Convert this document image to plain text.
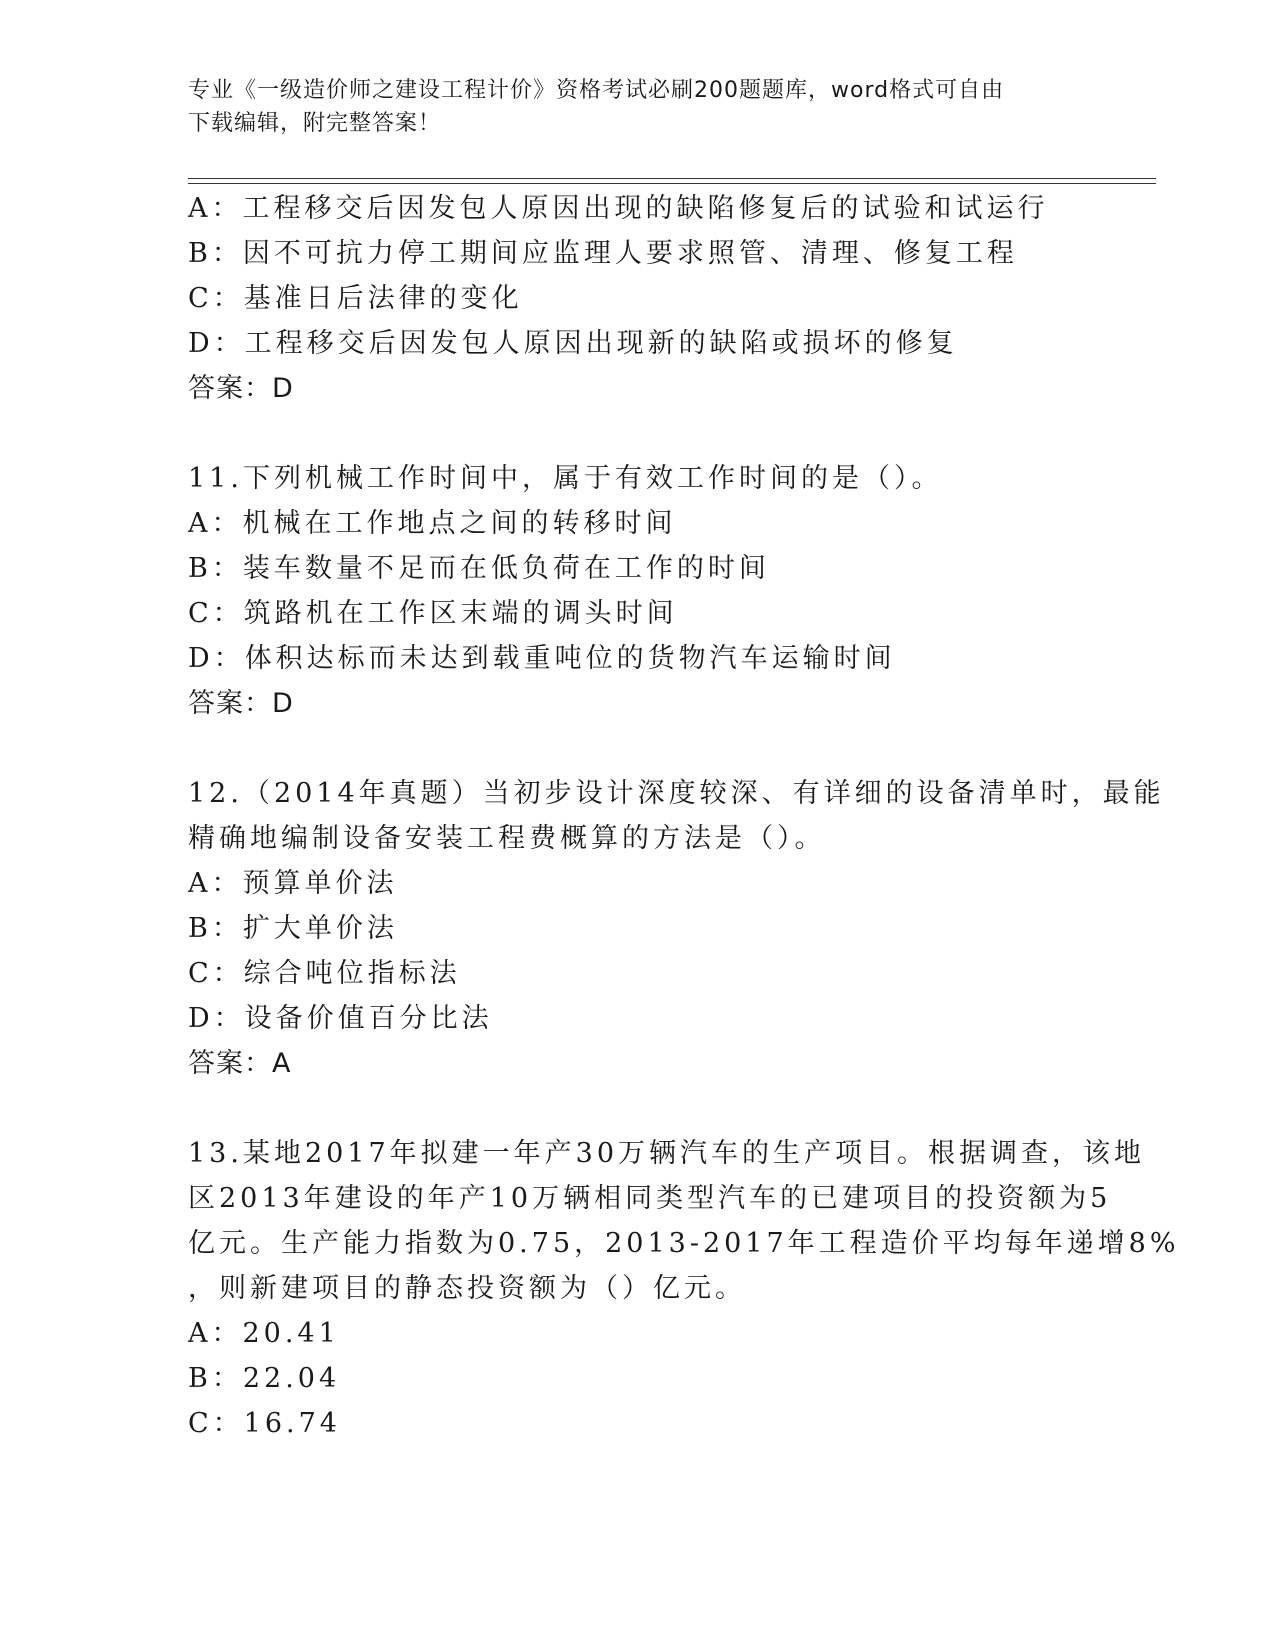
专业《一级造价师之建设工程计价》资格考试必刷200题题库，word格式可自由
下载编辑，附完整答案！
A：工程移交后因发包人原因出现的缺陷修复后的试验和试运行
B：因不可抗力停工期间应监理人要求照管、清理、修复工程
C：基准日后法律的变化
D：工程移交后因发包人原因出现新的缺陷或损坏的修复
答案：D
11.下列机械工作时间中，属于有效工作时间的是（）。
A：机械在工作地点之间的转移时间
B：装车数量不足而在低负荷在工作的时间
C：筑路机在工作区末端的调头时间
D：体积达标而未达到载重吨位的货物汽车运输时间
答案：D
12.（2014年真题）当初步设计深度较深、有详细的设备清单时，最能
精确地编制设备安装工程费概算的方法是（）。
A：预算单价法
B：扩大单价法
C：综合吨位指标法
D：设备价值百分比法
答案：A
13.某地2017年拟建一年产30万辆汽车的生产项目。根据调查，该地
区2013年建设的年产10万辆相同类型汽车的已建项目的投资额为5
亿元。生产能力指数为0.75，2013-2017年工程造价平均每年递增8%
，则新建项目的静态投资额为（）亿元。
A：20.41
B：22.04
C：16.74
